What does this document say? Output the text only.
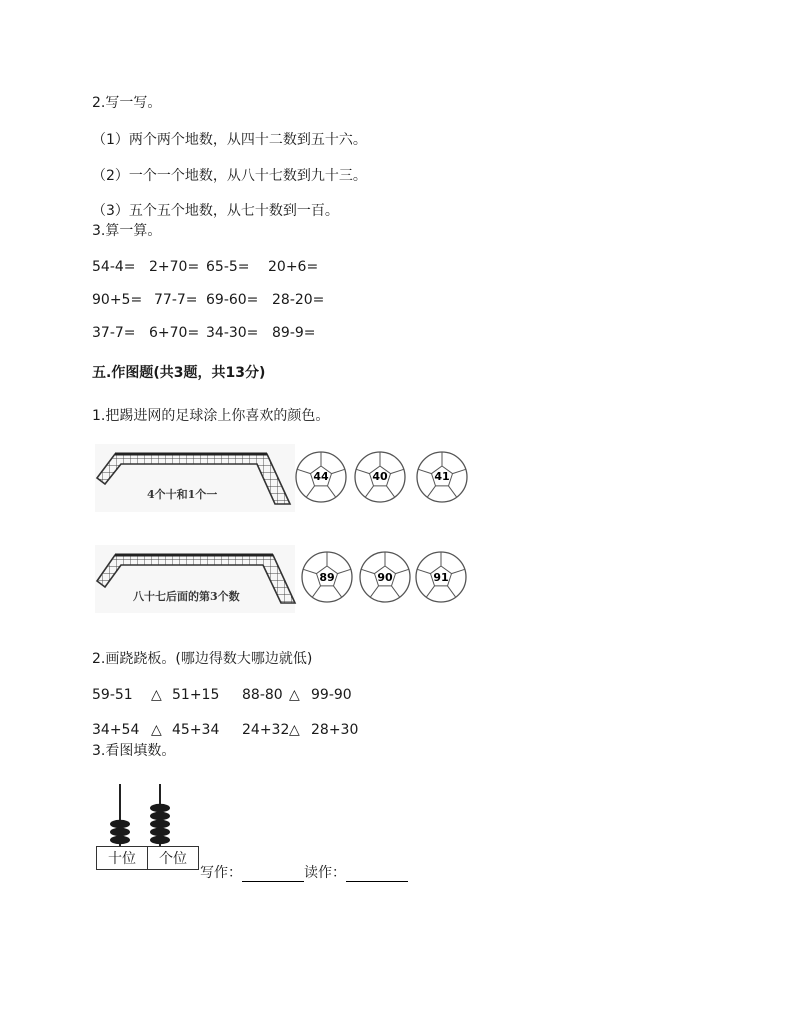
2.写一写。
（1）两个两个地数，从四十二数到五十六。
（2）一个一个地数，从八十七数到九十三。
（3）五个五个地数，从七十数到一百。
3.算一算。
54-4= 2+70= 65-5= 20+6=
90+5= 77-7= 69-60= 28-20=
37-7= 6+70= 34-30= 89-9=
五.作图题(共3题，共13分)
1.把踢进网的足球涂上你喜欢的颜色。
4个十和1个一
44	40	41
八十七后面的第3个数
89	90	91
2.画跷跷板。(哪边得数大哪边就低)
59-51 △ 51+15 88-80 △ 99-90
34+54 △ 45+34 24+32 △ 28+30
3.看图填数。
十位	个位
写作：	读作：
